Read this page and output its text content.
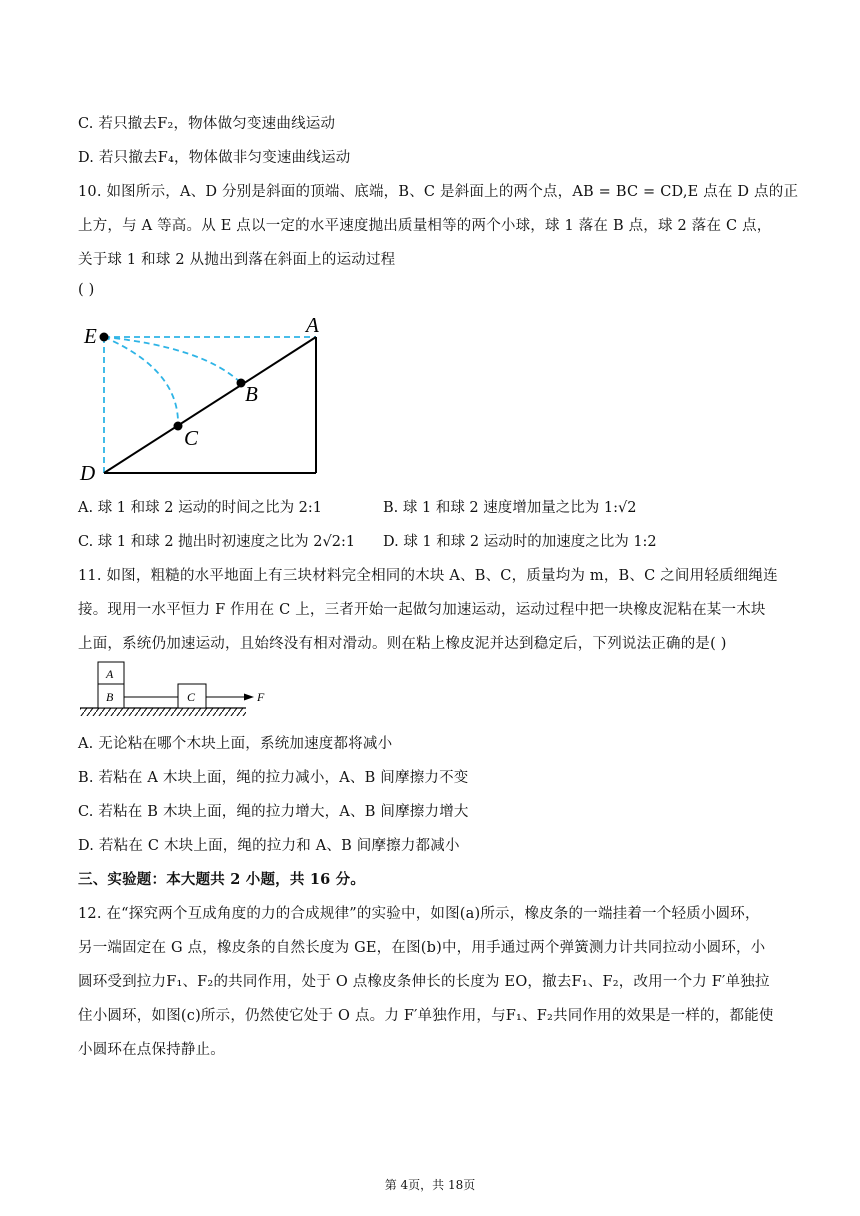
C. 若只撤去F₂，物体做匀变速曲线运动
D. 若只撤去F₄，物体做非匀变速曲线运动
10. 如图所示，A、D 分别是斜面的顶端、底端，B、C 是斜面上的两个点，AB = BC = CD,E 点在 D 点的正
上方，与 A 等高。从 E 点以一定的水平速度抛出质量相等的两个小球，球 1 落在 B 点，球 2 落在 C 点，
关于球 1 和球 2 从抛出到落在斜面上的运动过程
( )
E	A
B
C
D
A. 球 1 和球 2 运动的时间之比为 2:1	B. 球 1 和球 2 速度增加量之比为 1:√2
C. 球 1 和球 2 抛出时初速度之比为 2√2:1 D. 球 1 和球 2 运动时的加速度之比为 1:2
11. 如图，粗糙的水平地面上有三块材料完全相同的木块 A、B、C，质量均为 m，B、C 之间用轻质细绳连
接。现用一水平恒力 F 作用在 C 上，三者开始一起做匀加速运动，运动过程中把一块橡皮泥粘在某一木块
上面，系统仍加速运动，且始终没有相对滑动。则在粘上橡皮泥并达到稳定后，下列说法正确的是( )
A
B	C	F
A. 无论粘在哪个木块上面，系统加速度都将减小
B. 若粘在 A 木块上面，绳的拉力减小，A、B 间摩擦力不变
C. 若粘在 B 木块上面，绳的拉力增大，A、B 间摩擦力增大
D. 若粘在 C 木块上面，绳的拉力和 A、B 间摩擦力都减小
三、实验题：本大题共 2 小题，共 16 分。
12. 在“探究两个互成角度的力的合成规律”的实验中，如图(a)所示，橡皮条的一端挂着一个轻质小圆环，
另一端固定在 G 点，橡皮条的自然长度为 GE，在图(b)中，用手通过两个弹簧测力计共同拉动小圆环，小
圆环受到拉力F₁、F₂的共同作用，处于 O 点橡皮条伸长的长度为 EO，撤去F₁、F₂，改用一个力 F′单独拉
住小圆环，如图(c)所示，仍然使它处于 O 点。力 F′单独作用，与F₁、F₂共同作用的效果是一样的，都能使
小圆环在点保持静止。
第 4页，共 18页
